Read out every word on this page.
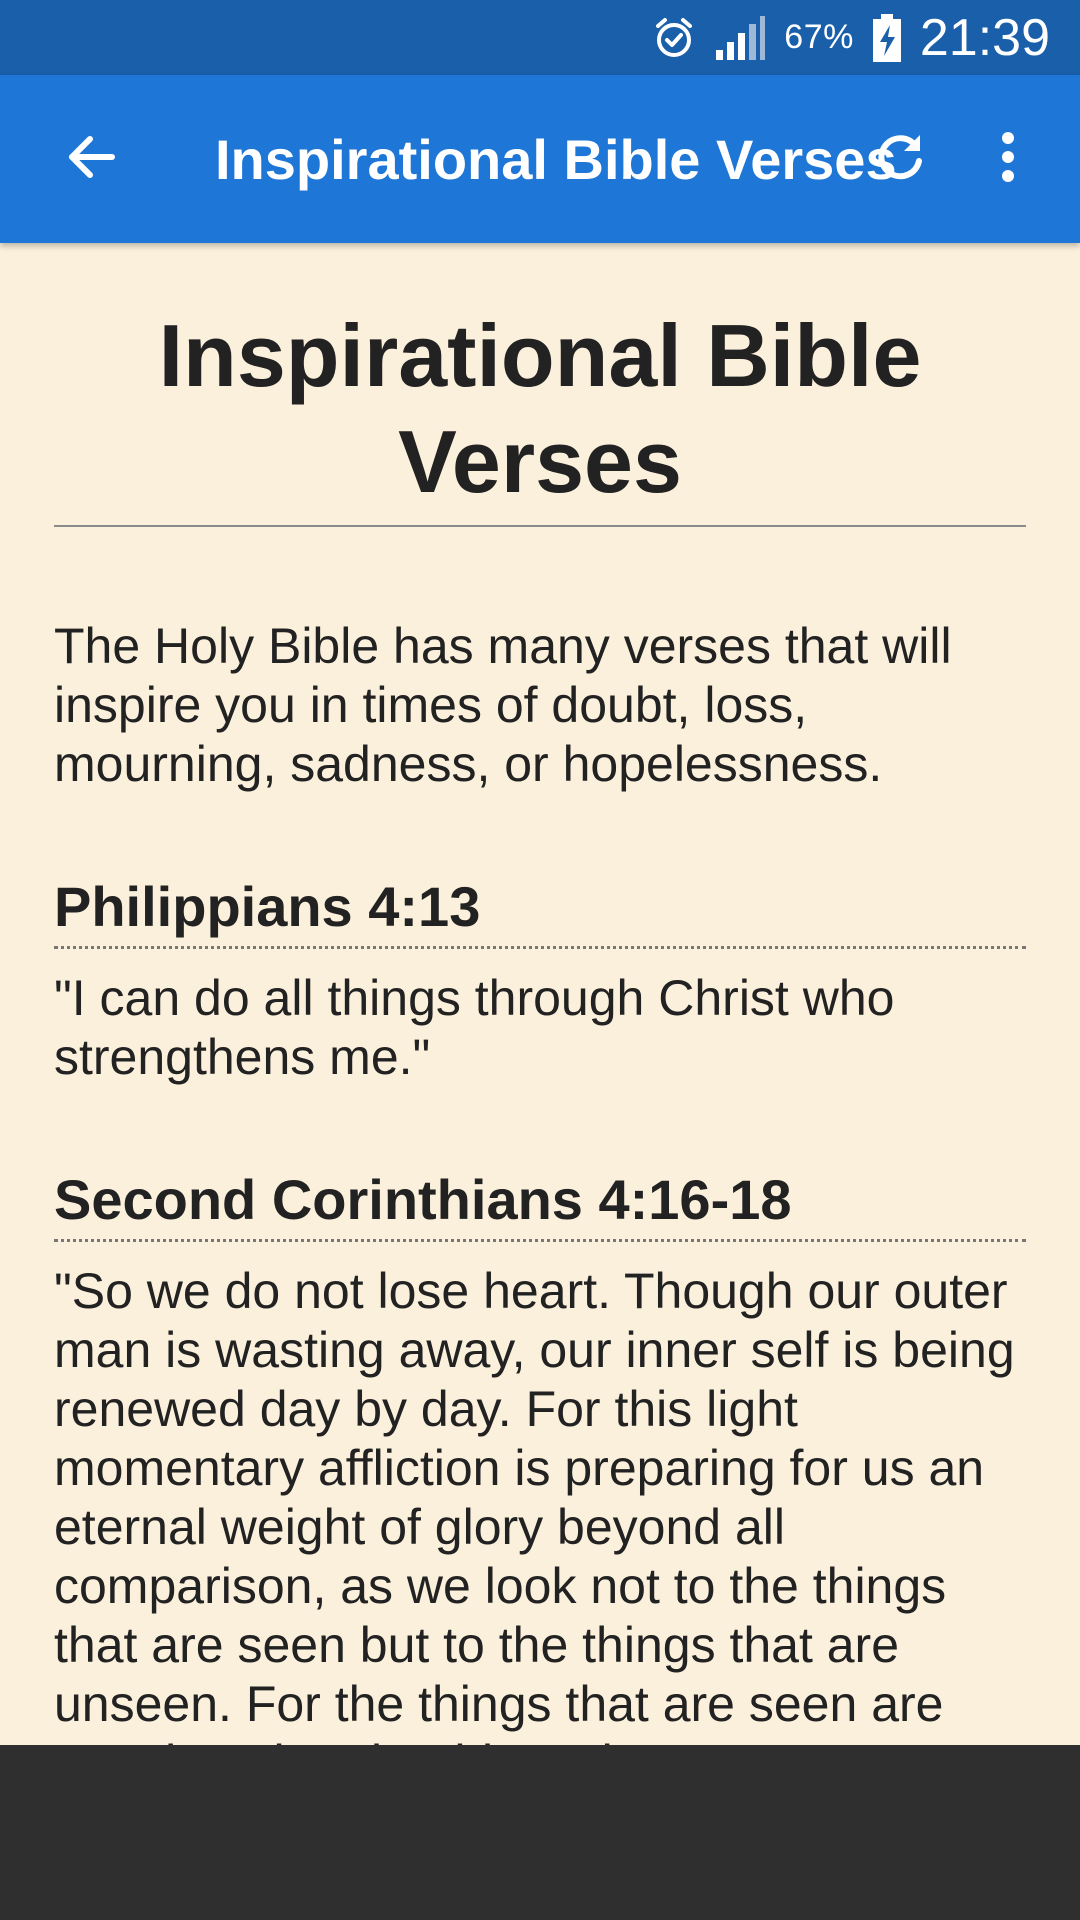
67% 21:39
Inspirational Bible Verses
Inspirational Bible Verses

The Holy Bible has many verses that will inspire you in times of doubt, loss, mourning, sadness, or hopelessness.

Philippians 4:13

"I can do all things through Christ who strengthens me."

Second Corinthians 4:16-18

"So we do not lose heart. Though our outer man is wasting away, our inner self is being renewed day by day. For this light momentary affliction is preparing for us an eternal weight of glory beyond all comparison, as we look not to the things that are seen but to the things that are unseen. For the things that are seen are
